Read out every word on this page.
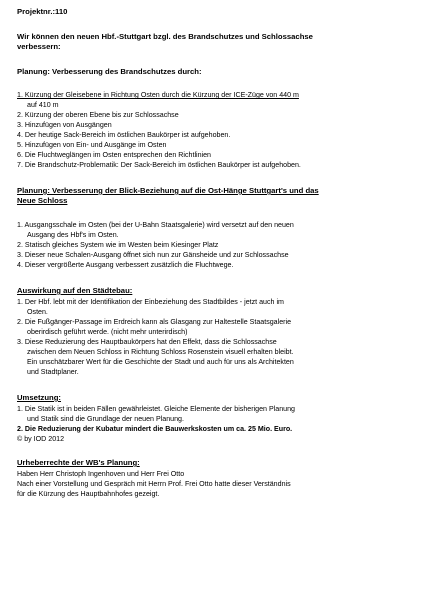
Projektnr.:110
Wir können den neuen Hbf.-Stuttgart bzgl. des Brandschutzes und Schlossachse
verbessern:
Planung: Verbesserung des Brandschutzes durch:
1. Kürzung der Gleisebene in Richtung Osten durch die Kürzung der ICE-Züge von 440 m
auf 410 m
2. Kürzung der oberen Ebene bis zur Schlossachse
3. Hinzufügen von Ausgängen
4. Der heutige Sack-Bereich im östlichen Baukörper ist aufgehoben.
5. Hinzufügen von Ein- und Ausgänge im Osten
6. Die Fluchtweglängen im Osten entsprechen den Richtlinien
7. Die Brandschutz-Problematik: Der Sack-Bereich im östlichen Baukörper ist aufgehoben.
Planung: Verbesserung der Blick-Beziehung auf die Ost-Hänge Stuttgart's und das
Neue Schloss
1. Ausgangsschale im Osten (bei der U-Bahn Staatsgalerie) wird versetzt auf den neuen
Ausgang des Hbf's im Osten.
2. Statisch gleiches System wie im Westen beim Kiesinger Platz
3. Dieser neue Schalen-Ausgang öffnet sich nun zur Gänsheide und zur Schlossachse
4. Dieser vergrößerte Ausgang verbessert zusätzlich die Fluchtwege.
Auswirkung auf den Städtebau:
1. Der Hbf. lebt mit der Identifikation der Einbeziehung des Stadtbildes - jetzt auch im
Osten.
2. Die Fußgänger-Passage im Erdreich kann als Glasgang zur Haltestelle Staatsgalerie
oberirdisch geführt werde. (nicht mehr unterirdisch)
3. Diese Reduzierung des Hauptbaukörpers hat den Effekt, dass die Schlossachse
zwischen dem Neuen Schloss in Richtung Schloss Rosenstein visuell erhalten bleibt.
Ein unschätzbarer Wert für die Geschichte der Stadt und auch für uns als Architekten
und Stadtplaner.
Umsetzung:
1. Die Statik ist in beiden Fällen gewährleistet. Gleiche Elemente der bisherigen Planung
und Statik sind die Grundlage der neuen Planung.
2. Die Reduzierung der Kubatur mindert die Bauwerkskosten um ca. 25 Mio. Euro.
© by IOD 2012
Urheberrechte der WB's Planung:
Haben Herr Christoph Ingenhoven und Herr Frei Otto
Nach einer Vorstellung und Gespräch mit Herrn Prof. Frei Otto hatte dieser Verständnis
für die Kürzung des Hauptbahnhofes gezeigt.
